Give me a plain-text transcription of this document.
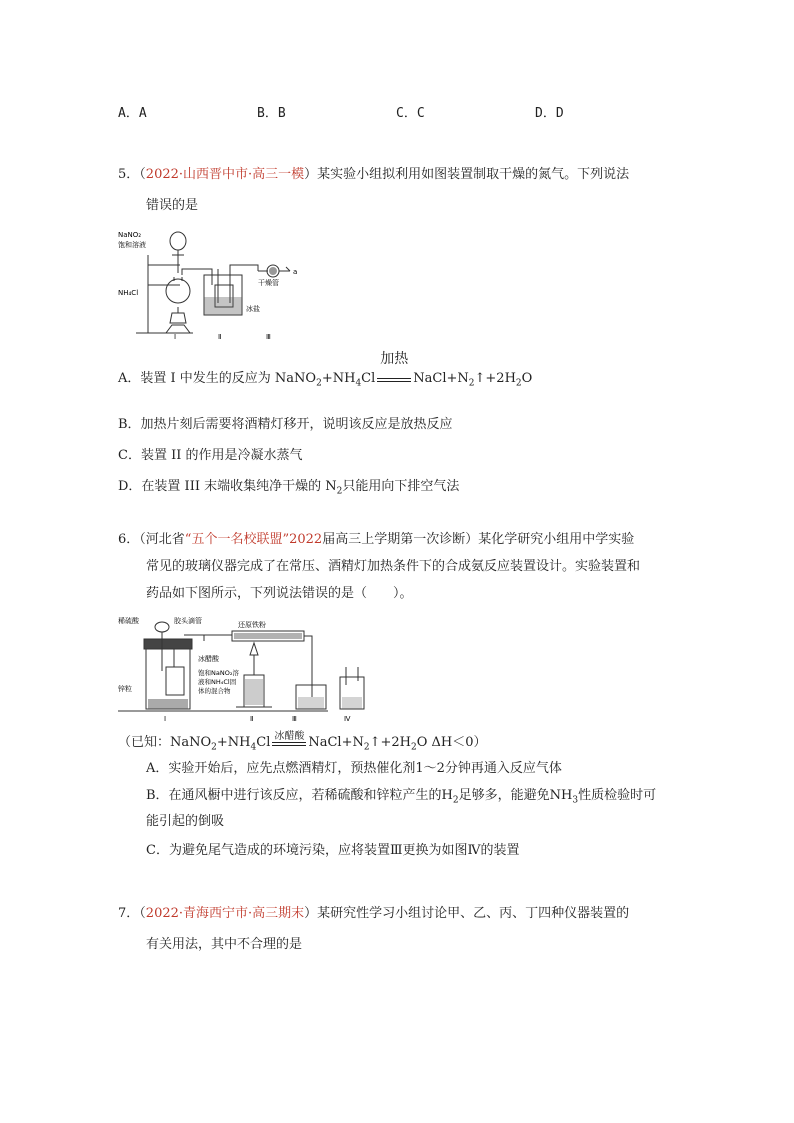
A．A	B．B	C．C	D．D
5．（2022·山西晋中市·高三一模）某实验小组拟利用如图装置制取干燥的氮气。下列说法
错误的是
NaNO₂
饱和溶液
NH₄Cl
干燥管
冰盐
a
Ⅰ	Ⅱ	Ⅲ
A．装置 I 中发生的反应为 $NaNO_2+NH_4Cl$
加热
$NaCl+N_2↑+2H_2O$
B．加热片刻后需要将酒精灯移开，说明该反应是放热反应
C．装置 II 的作用是冷凝水蒸气
D．在装置 III 末端收集纯净干燥的 $N_2$只能用向下排空气法
6．（河北省“五个一名校联盟”2022届高三上学期第一次诊断）某化学研究小组用中学实验
常见的玻璃仪器完成了在常压、酒精灯加热条件下的合成氨反应装置设计。实验装置和
药品如下图所示，下列说法错误的是（　　）。
稀硫酸	胶头滴管	还原铁粉
冰醋酸
饱和NaNO₂溶
液和NH₄Cl固
体的混合物
锌粒
Ⅰ	Ⅱ	Ⅲ	Ⅳ
（已知：$NaNO_2+NH_4Cl$ 冰醋酸 $NaCl+N_2↑+2H_2O$ ΔH＜0）
A．实验开始后，应先点燃酒精灯，预热催化剂1～2分钟再通入反应气体
B．在通风橱中进行该反应，若稀硫酸和锌粒产生的$H_2$足够多，能避免$NH_3$性质检验时可
能引起的倒吸
C．为避免尾气造成的环境污染，应将装置Ⅲ更换为如图Ⅳ的装置
7．（2022·青海西宁市·高三期末）某研究性学习小组讨论甲、乙、丙、丁四种仪器装置的
有关用法，其中不合理的是
